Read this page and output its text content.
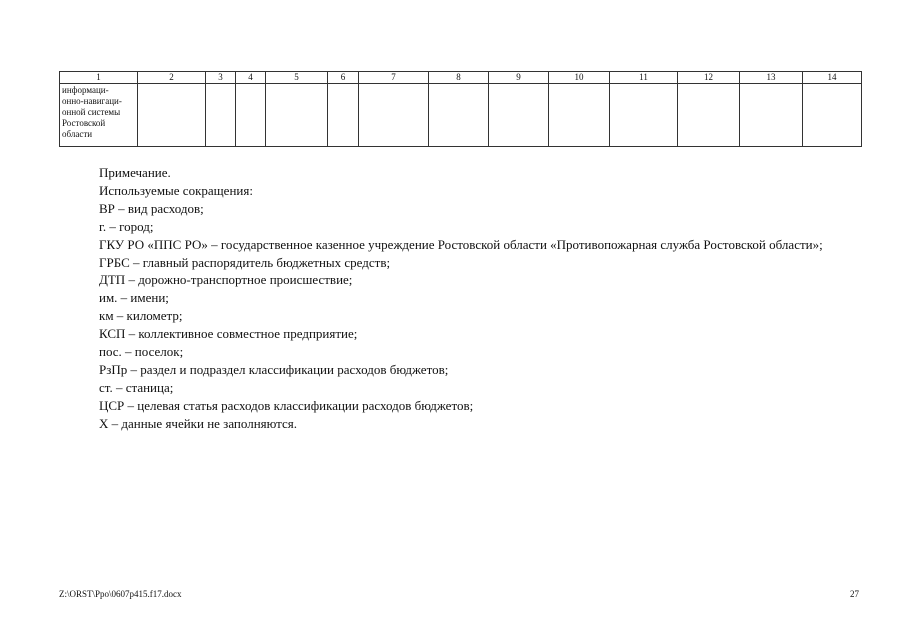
1	2	3	4	5	6	7	8	9	10	11	12	13	14

информаци-
онно-навигаци-
онной системы
Ростовской
области													

Примечание.

Используемые сокращения:

ВР – вид расходов;

г. – город;

ГКУ РО «ППС РО» – государственное казенное учреждение Ростовской области «Противопожарная служба Ростовской области»;

ГРБС – главный распорядитель бюджетных средств;

ДТП – дорожно-транспортное происшествие;

им. – имени;

км – километр;

КСП – коллективное совместное предприятие;

пос. – поселок;

РзПр – раздел и подраздел классификации расходов бюджетов;

ст. – станица;

ЦСР – целевая статья расходов классификации расходов бюджетов;

Х – данные ячейки не заполняются.

Z:\ORST\Ppo\0607p415.f17.docx	27
